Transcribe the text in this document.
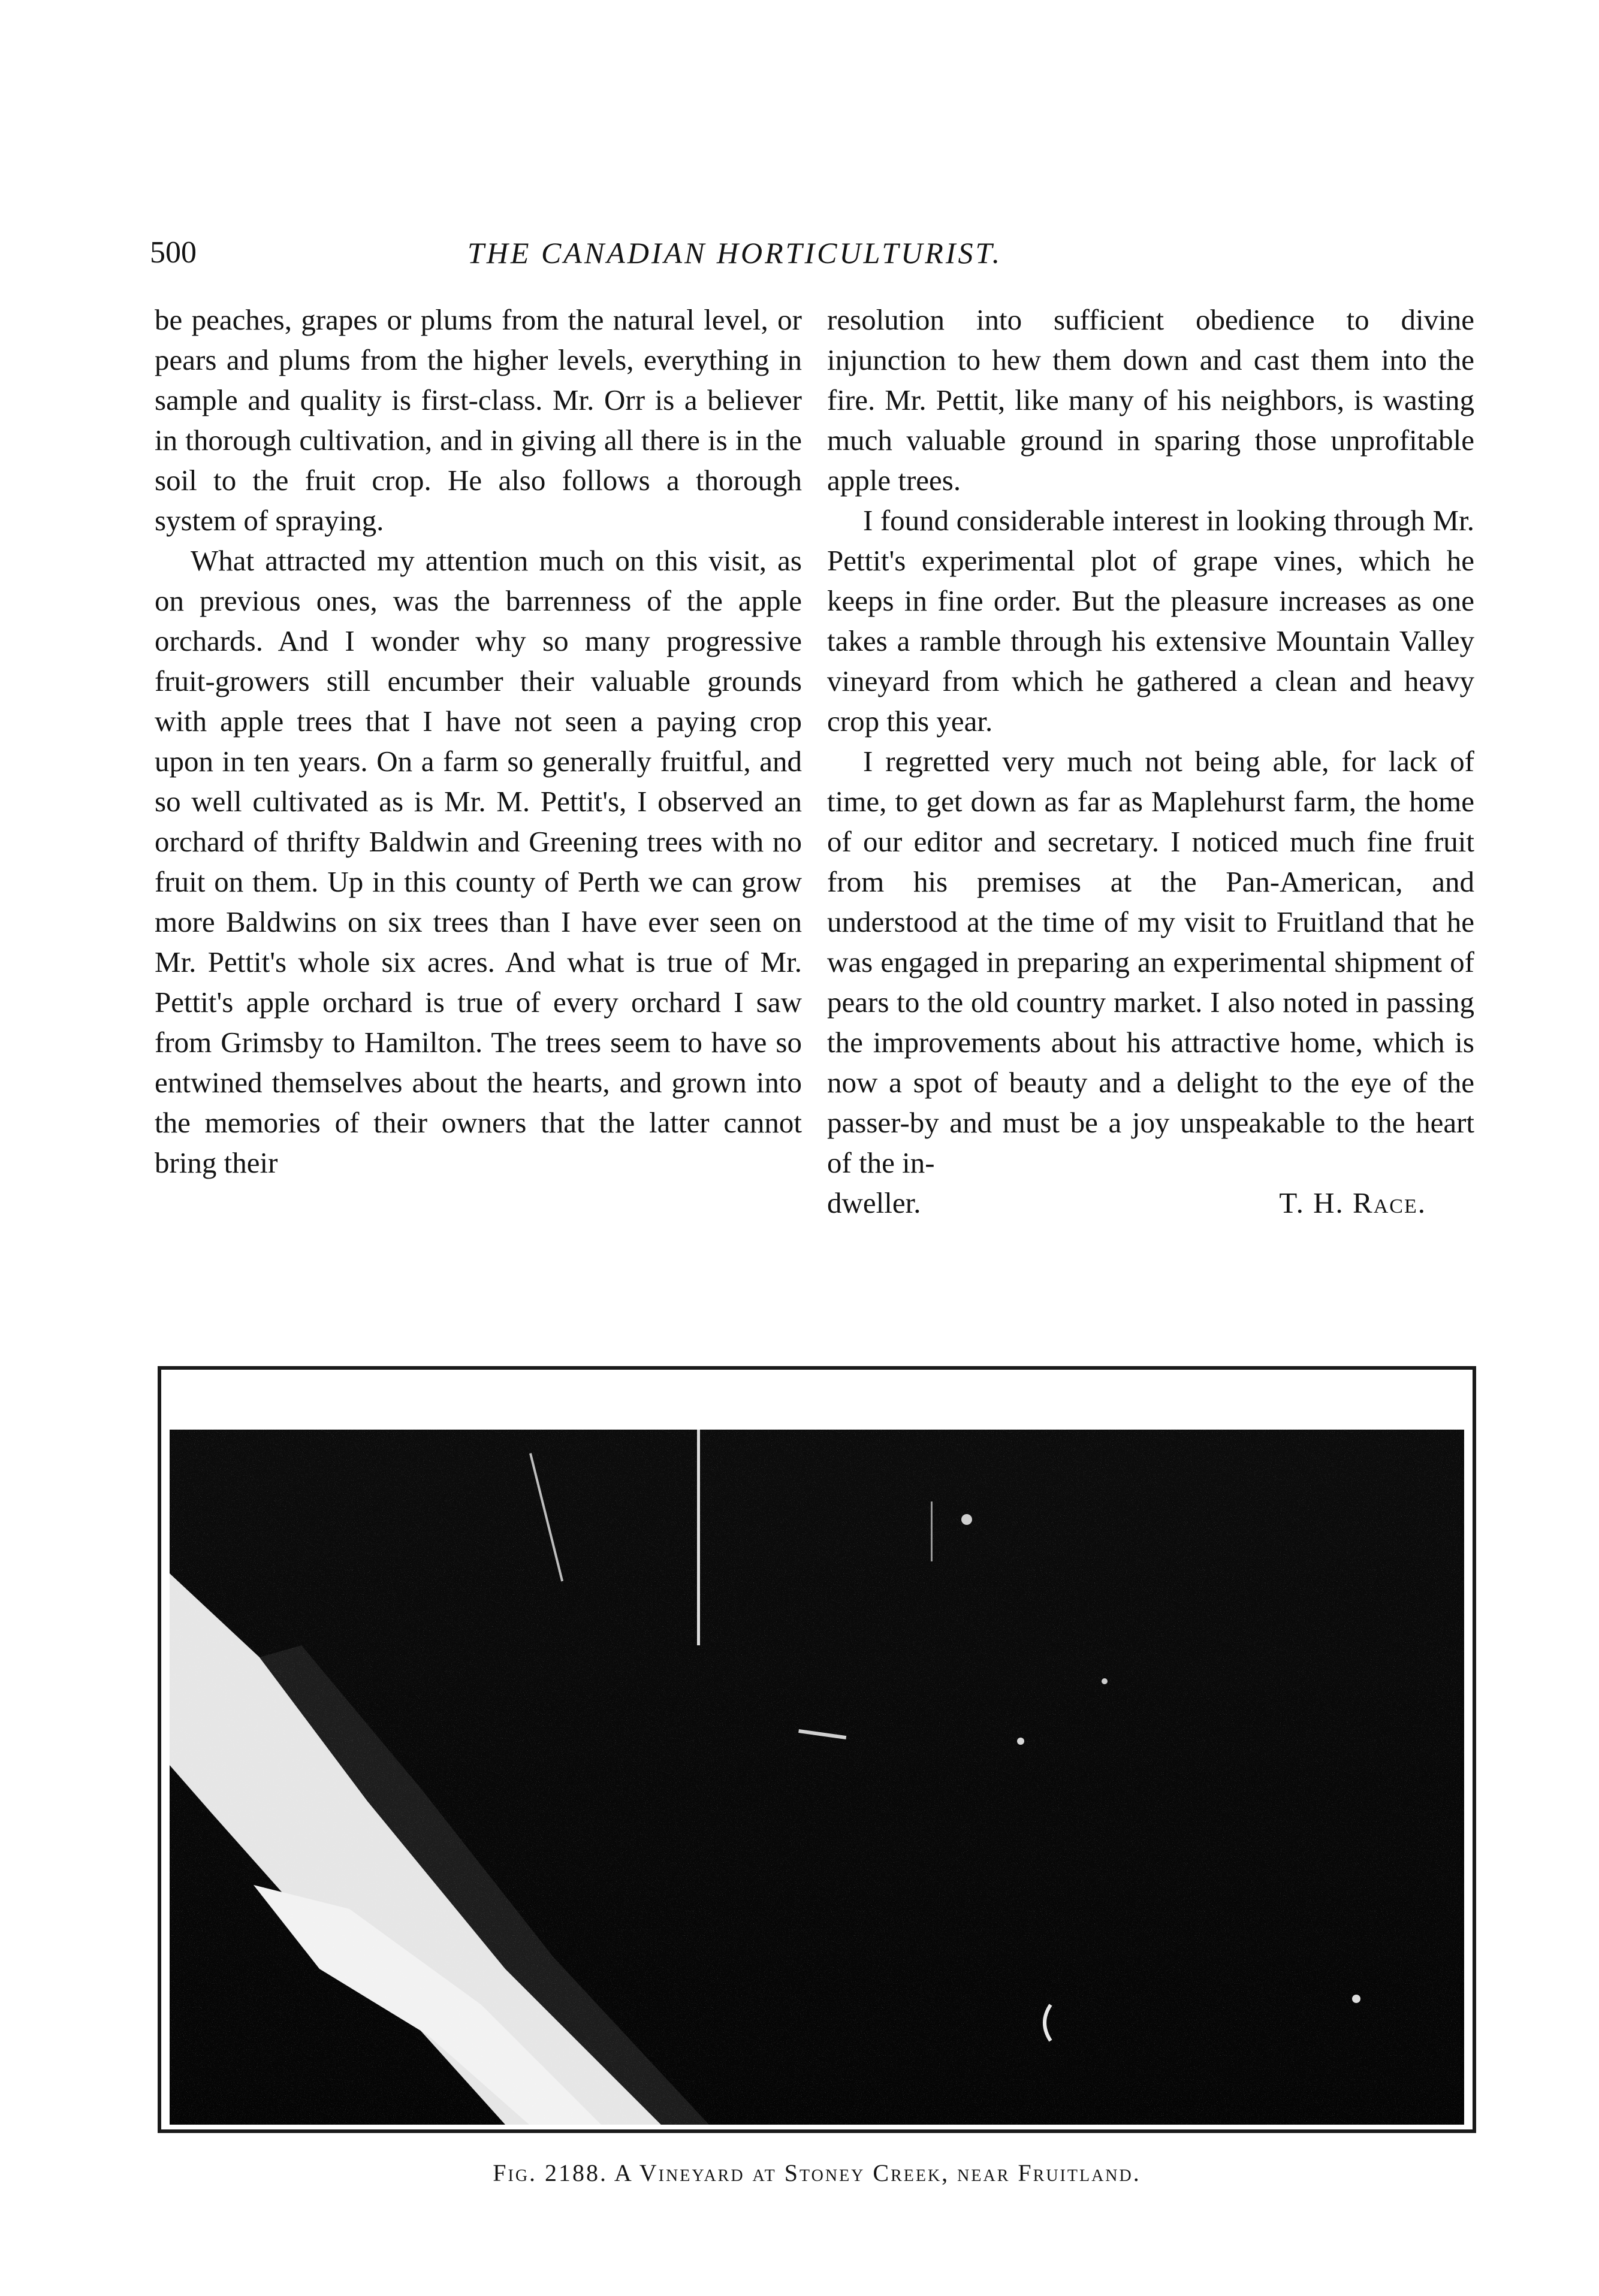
500	THE CANADIAN HORTICULTURIST.

be peaches, grapes or plums from the natural level, or pears and plums from the higher levels, everything in sample and quality is first-class. Mr. Orr is a believer in thorough cultivation, and in giving all there is in the soil to the fruit crop. He also follows a thorough system of spraying.

What attracted my attention much on this visit, as on previous ones, was the barrenness of the apple orchards. And I wonder why so many progressive fruit-growers still encumber their valuable grounds with apple trees that I have not seen a paying crop upon in ten years. On a farm so generally fruitful, and so well cultivated as is Mr. M. Pettit's, I observed an orchard of thrifty Baldwin and Greening trees with no fruit on them. Up in this county of Perth we can grow more Baldwins on six trees than I have ever seen on Mr. Pettit's whole six acres. And what is true of Mr. Pettit's apple orchard is true of every orchard I saw from Grimsby to Hamilton. The trees seem to have so entwined themselves about the hearts, and grown into the memories of their owners that the latter cannot bring their

resolution into sufficient obedience to divine injunction to hew them down and cast them into the fire. Mr. Pettit, like many of his neighbors, is wasting much valuable ground in sparing those unprofitable apple trees.

I found considerable interest in looking through Mr. Pettit's experimental plot of grape vines, which he keeps in fine order. But the pleasure increases as one takes a ramble through his extensive Mountain Valley vineyard from which he gathered a clean and heavy crop this year.

I regretted very much not being able, for lack of time, to get down as far as Maplehurst farm, the home of our editor and secretary. I noticed much fine fruit from his premises at the Pan-American, and understood at the time of my visit to Fruitland that he was engaged in preparing an experimental shipment of pears to the old country market. I also noted in passing the improvements about his attractive home, which is now a spot of beauty and a delight to the eye of the passer-by and must be a joy unspeakable to the heart of the in-

dweller.	T. H. Race.
Fig. 2188. A Vineyard at Stoney Creek, near Fruitland.
